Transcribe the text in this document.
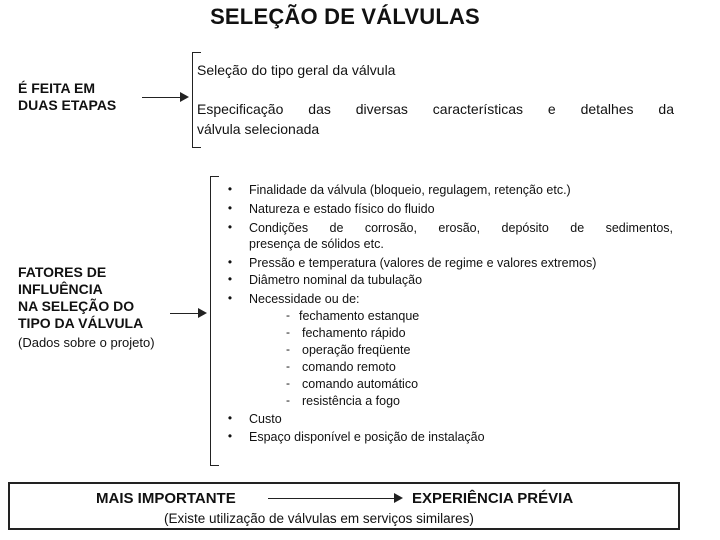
SELEÇÃO DE VÁLVULAS
É FEITA EM
DUAS ETAPAS
Seleção do tipo geral da válvula
Especificação das diversas características e detalhes da
válvula selecionada
FATORES DE
INFLUÊNCIA
NA SELEÇÃO DO
TIPO DA VÁLVULA
(Dados sobre o projeto)
•	Finalidade da válvula (bloqueio, regulagem, retenção etc.)
•	Natureza e estado físico do fluido
•	Condições de corrosão, erosão, depósito de sedimentos,
presença de sólidos etc.
•	Pressão e temperatura (valores de regime e valores extremos)
•	Diâmetro nominal da tubulação
•	Necessidade ou de:
- fechamento estanque
- fechamento rápido
- operação freqüente
- comando remoto
- comando automático
- resistência a fogo
•	Custo
•	Espaço disponível e posição de instalação
MAIS IMPORTANTE	EXPERIÊNCIA PRÉVIA
(Existe utilização de válvulas em serviços similares)
